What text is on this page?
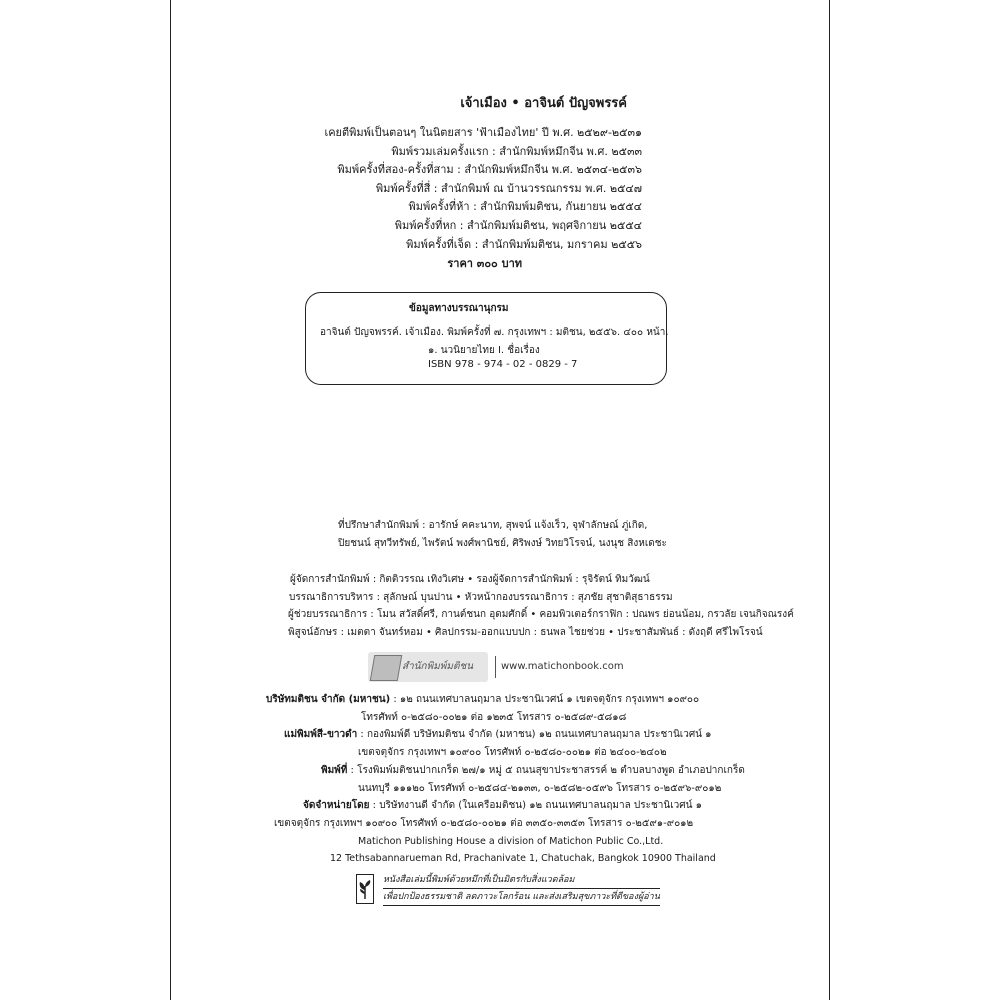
เจ้าเมือง • อาจินต์ ปัญจพรรค์
เคยตีพิมพ์เป็นตอนๆ ในนิตยสาร 'ฟ้าเมืองไทย' ปี พ.ศ. ๒๕๒๙-๒๕๓๑
พิมพ์รวมเล่มครั้งแรก : สำนักพิมพ์หมึกจีน พ.ศ. ๒๕๓๓
พิมพ์ครั้งที่สอง-ครั้งที่สาม : สำนักพิมพ์หมึกจีน พ.ศ. ๒๕๓๔-๒๕๓๖
พิมพ์ครั้งที่สี่ : สำนักพิมพ์ ณ บ้านวรรณกรรม พ.ศ. ๒๕๔๗
พิมพ์ครั้งที่ห้า : สำนักพิมพ์มติชน, กันยายน ๒๕๕๔
พิมพ์ครั้งที่หก : สำนักพิมพ์มติชน, พฤศจิกายน ๒๕๕๔
พิมพ์ครั้งที่เจ็ด : สำนักพิมพ์มติชน, มกราคม ๒๕๕๖
ราคา ๓๐๐ บาท
ข้อมูลทางบรรณานุกรม
อาจินต์ ปัญจพรรค์. เจ้าเมือง. พิมพ์ครั้งที่ ๗. กรุงเทพฯ : มติชน, ๒๕๕๖. ๔๐๐ หน้า.
๑. นวนิยายไทย I. ชื่อเรื่อง
ISBN 978 - 974 - 02 - 0829 - 7
ที่ปรึกษาสำนักพิมพ์ : อารักษ์ คคะนาท, สุพจน์ แจ้งเร็ว, จุฬาลักษณ์ ภู่เกิด,
ปิยชนน์ สุทวีทรัพย์, ไพรัตน์ พงศ์พานิชย์, ศิริพงษ์ วิทยวิโรจน์, นงนุช สิงหเดชะ
ผู้จัดการสำนักพิมพ์ : กิตติวรรณ เทิงวิเศษ • รองผู้จัดการสำนักพิมพ์ : รุจิรัตน์ ทิมวัฒน์
บรรณาธิการบริหาร : สุลักษณ์ บุนปาน • หัวหน้ากองบรรณาธิการ : สุภชัย สุชาติสุธาธรรม
ผู้ช่วยบรรณาธิการ : โมน สวัสดิ์ศรี, กานต์ชนก อุดมศักดิ์ • คอมพิวเตอร์กราฟิก : ปณพร ย่อนน้อม, กรวลัย เจนกิจณรงค์
พิสูจน์อักษร : เมตตา จันทร์หอม • ศิลปกรรม-ออกแบบปก : ธนพล ไชยช่วย • ประชาสัมพันธ์ : ดังฤดี ศรีไพโรจน์
สำนักพิมพ์มติชน	www.matichonbook.com
บริษัทมติชน จำกัด (มหาชน) : ๑๒ ถนนเทศบาลนฤมาล ประชานิเวศน์ ๑ เขตจตุจักร กรุงเทพฯ ๑๐๙๐๐
โทรศัพท์ ๐-๒๕๘๐-๐๐๒๑ ต่อ ๑๒๓๕ โทรสาร ๐-๒๕๘๙-๕๘๑๘
แม่พิมพ์สี-ขาวดำ : กองพิมพ์ดี บริษัทมติชน จำกัด (มหาชน) ๑๒ ถนนเทศบาลนฤมาล ประชานิเวศน์ ๑
เขตจตุจักร กรุงเทพฯ ๑๐๙๐๐ โทรศัพท์ ๐-๒๕๘๐-๐๐๒๑ ต่อ ๒๔๐๐-๒๔๐๒
พิมพ์ที่ : โรงพิมพ์มติชนปากเกร็ด ๒๗/๑ หมู่ ๕ ถนนสุขาประชาสรรค์ ๒ ตำบลบางพูด อำเภอปากเกร็ด
นนทบุรี ๑๑๑๒๐ โทรศัพท์ ๐-๒๕๘๔-๒๑๓๓, ๐-๒๕๘๒-๐๕๙๖ โทรสาร ๐-๒๕๙๖-๙๐๑๒
จัดจำหน่ายโดย : บริษัทงานดี จำกัด (ในเครือมติชน) ๑๒ ถนนเทศบาลนฤมาล ประชานิเวศน์ ๑
เขตจตุจักร กรุงเทพฯ ๑๐๙๐๐ โทรศัพท์ ๐-๒๕๘๐-๐๐๒๑ ต่อ ๓๓๕๐-๓๓๕๓ โทรสาร ๐-๒๕๙๑-๙๐๑๒
Matichon Publishing House a division of Matichon Public Co.,Ltd.
12 Tethsabannarueman Rd, Prachanivate 1, Chatuchak, Bangkok 10900 Thailand
หนังสือเล่มนี้พิมพ์ด้วยหมึกที่เป็นมิตรกับสิ่งแวดล้อม
เพื่อปกป้องธรรมชาติ ลดภาวะโลกร้อน และส่งเสริมสุขภาวะที่ดีของผู้อ่าน
